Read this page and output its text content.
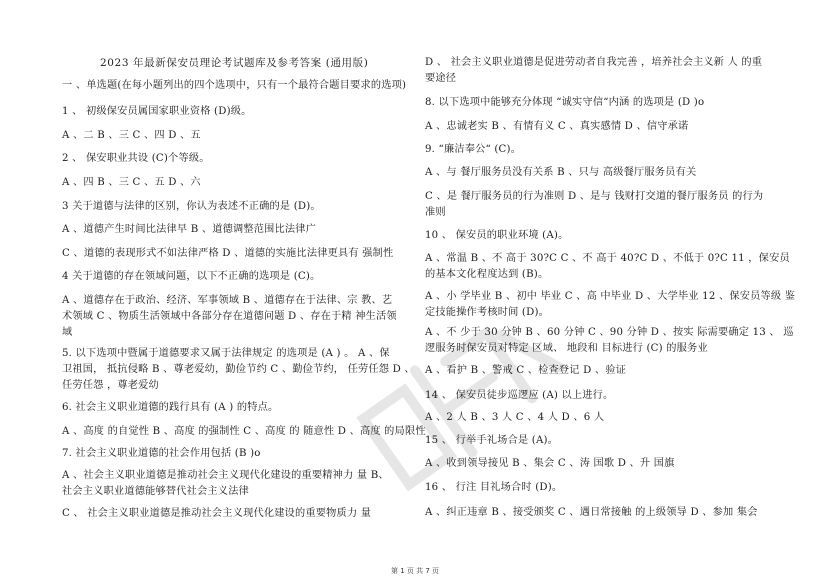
2023 年最新保安员理论考试题库及参考答案 (通用版)
一 、单选题(在每小题列出的四个选项中，只有一个最符合题目要求的选项)
1 、 初级保安员属国家职业资格 (D)级。
A 、二 B 、三 C 、四 D 、五
2 、 保安职业共设 (C)个等级。
A 、四 B 、三 C 、五 D 、六
3 关于道德与法律的区别，你认为表述不正确的是 (D)。
A 、道德产生时间比法律早 B 、道德调整范围比法律广
C 、道德的表现形式不如法律严格 D 、道德的实施比法律更具有 强制性
4 关于道德的存在领域问题，以下不正确的选项是 (C)。
A 、道德存在于政治、经济、军事领域 B 、道德存在于法律、宗 教、艺
术领域 C 、物质生活领域中各部分存在道德问题 D 、存在于精 神生活领
域
5. 以下选项中暨属于道德要求又属于法律规定 的选项是 (A ) 。 A 、保
卫祖国， 抵抗侵略 B 、尊老爱幼，勤俭节约 C 、勤俭节约， 任劳任怨 D 、
任劳任怨 ，尊老爱幼
6. 社会主义职业道德的践行具有 (A ) 的特点。
A 、高度 的自觉性 B 、高度 的强制性 C 、高度 的 随意性 D 、高度 的局限性
7. 社会主义职业道德的社会作用包括 (B )o
A 、社会主义职业道德是推动社会主义现代化建设的重要精神力 量 B、
社会主义职业道德能够替代社会主义法律
C 、 社会主义职业道德是推动社会主义现代化建设的重要物质力 量
D 、 社会主义职业道德是促进劳动者自我完善 ，培养社会主义新 人 的重
要途径
8. 以下选项中能够充分体现 “诚实守信“内涵 的选项是 (D )o
A 、忠诚老实 B 、有情有义 C 、真实感情 D 、信守承诺
9. “廉洁奉公“ (C)。
A 、与 餐厅服务员没有关系 B 、只与 高级餐厅服务员有关
C 、是 餐厅服务员的行为准则 D 、是与 钱财打交道的餐厅服务员 的行为
准则
10 、 保安员的职业环境 (A)。
A 、常温 B 、不 高于 30?C C 、不 高于 40?C D 、不低于 0?C 11 ，保安员
的基本文化程度达到 (B)。
A 、小 学毕业 B 、初中 毕业 C 、高 中毕业 D 、大学毕业 12 、保安员等级 鉴
定技能操作考核时间 (D)。
A 、不 少于 30 分钟 B 、60 分钟 C 、90 分钟 D 、按实 际需要确定 13 、 巡
逻服务时保安员对特定 区域、 地段和 目标进行 (C) 的服务业
A 、看护 B 、警戒 C 、检查登记 D 、验证
14 、 保安员徒步巡逻应 (A) 以上进行。
A 、2 人 B 、3 人 C 、4 人 D 、6 人
15 、 行举手礼场合是 (A)。
A 、收到领导接见 B 、集会 C 、涛 国歌 D 、升 国旗
16 、 行注 目礼场合时 (D)。
A 、纠正违章 B 、接受颁奖 C 、遇日常接触 的上级领导 D 、参加 集会
第 1 页 共 7 页
